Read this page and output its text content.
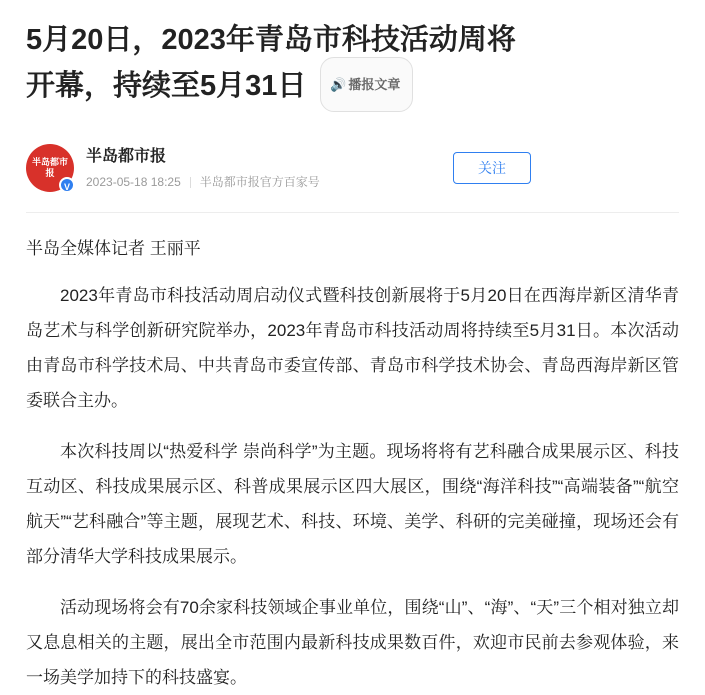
5月20日，2023年青岛市科技活动周将
开幕，持续至5月31日 🔊 播报文章
半岛都市报
V
半岛都市报
2023-05-18 18:25 半岛都市报官方百家号
关注

半岛全媒体记者 王丽平

2023年青岛市科技活动周启动仪式暨科技创新展将于5月20日在西海岸新区清华青岛艺术与科学创新研究院举办，2023年青岛市科技活动周将持续至5月31日。本次活动由青岛市科学技术局、中共青岛市委宣传部、青岛市科学技术协会、青岛西海岸新区管委联合主办。

本次科技周以“热爱科学 崇尚科学”为主题。现场将将有艺科融合成果展示区、科技互动区、科技成果展示区、科普成果展示区四大展区，围绕“海洋科技”“高端装备”“航空航天”“艺科融合”等主题，展现艺术、科技、环境、美学、科研的完美碰撞，现场还会有部分清华大学科技成果展示。

活动现场将会有70余家科技领域企事业单位，围绕“山”、“海”、“天”三个相对独立却又息息相关的主题，展出全市范围内最新科技成果数百件，欢迎市民前去参观体验，来一场美学加持下的科技盛宴。
